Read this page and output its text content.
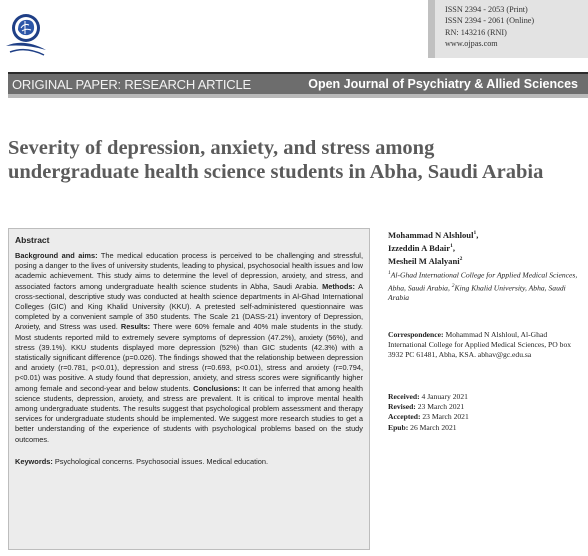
ISSN 2394 - 2053 (Print)
ISSN 2394 - 2061 (Online)
RN: 143216 (RNI)
www.ojpas.com
ORIGINAL PAPER: RESEARCH ARTICLE	Open Journal of Psychiatry & Allied Sciences
Severity of depression, anxiety, and stress among undergraduate health science students in Abha, Saudi Arabia
Abstract

Background and aims: The medical education process is perceived to be challenging and stressful, posing a danger to the lives of university students, leading to physical, psychosocial health issues and low academic achievement. This study aims to determine the level of depression, anxiety, and stress, and associated factors among undergraduate health science students in Abha, Saudi Arabia. Methods: A cross-sectional, descriptive study was conducted at health science departments in Al-Ghad International Colleges (GIC) and King Khalid University (KKU). A pretested self-administered questionnaire was completed by a convenient sample of 350 students. The Scale 21 (DASS-21) inventory of Depression, Anxiety, and Stress was used. Results: There were 60% female and 40% male students in the study. Most students reported mild to extremely severe symptoms of depression (47.2%), anxiety (56%), and stress (39.1%). KKU students displayed more depression (52%) than GIC students (42.3%) with a statistically significant difference (p=0.026). The findings showed that the relationship between depression and anxiety (r=0.781, p<0.01), depression and stress (r=0.693, p<0.01), stress and anxiety (r=0.794, p<0.01) was positive. A study found that depression, anxiety, and stress scores were significantly higher among female and second-year and below students. Conclusions: It can be inferred that among health science students, depression, anxiety, and stress are prevalent. It is critical to improve mental health among undergraduate students. The results suggest that psychological problem assessment and therapy services for undergraduate students should be implemented. We suggest more research studies to get a better understanding of the experience of students with psychological problems based on the study outcomes.

Keywords: Psychological concerns. Psychosocial issues. Medical education.

Mohammad N Alshloul$^1$,
Izzeddin A Bdair$^1$,
Mesheil M Alalyani$^2$
$^1$Al-Ghad International College for Applied Medical Sciences, Abha, Saudi Arabia, $^2$King Khalid University, Abha, Saudi Arabia
Correspondence: Mohammad N Alshloul, Al-Ghad International College for Applied Medical Sciences, PO box 3932 PC 61481, Abha, KSA. abhav@gc.edu.sa
Received: 4 January 2021
Revised: 23 March 2021
Accepted: 23 March 2021
Epub: 26 March 2021
